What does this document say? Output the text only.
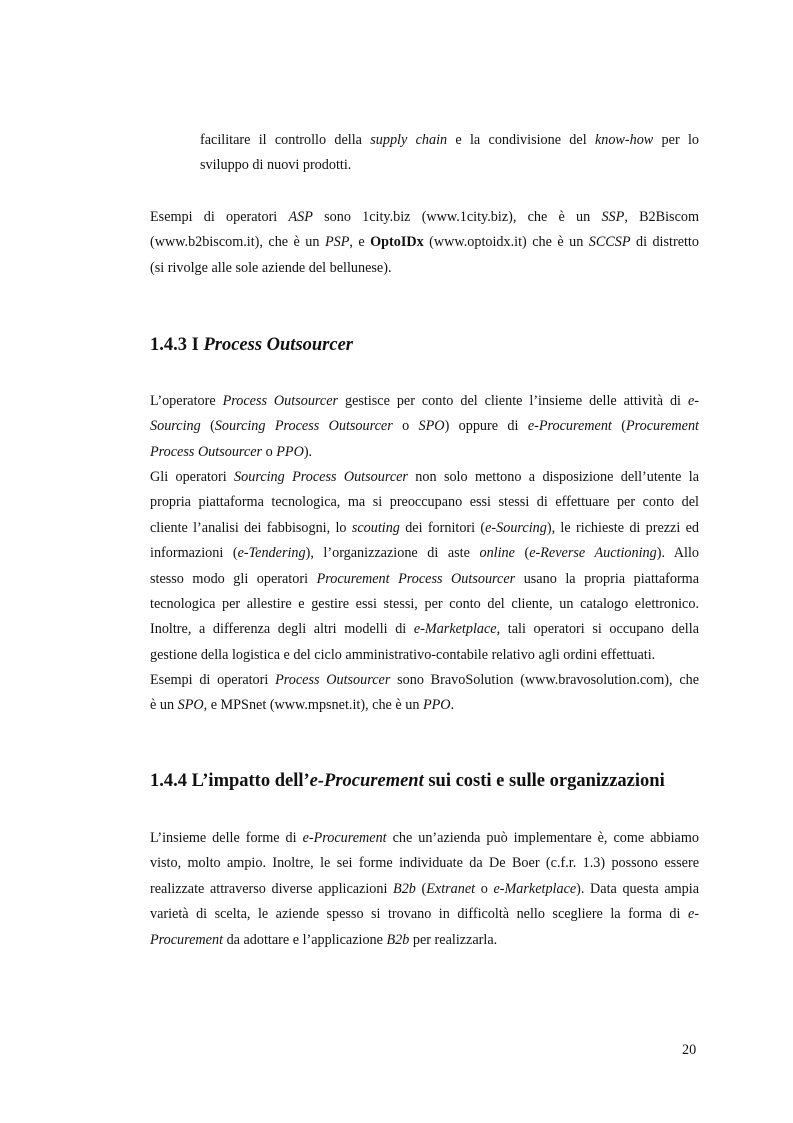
facilitare il controllo della supply chain e la condivisione del know-how per lo
sviluppo di nuovi prodotti.
Esempi di operatori ASP sono 1city.biz (www.1city.biz), che è un SSP, B2Biscom
(www.b2biscom.it), che è un PSP, e OptoIDx (www.optoidx.it) che è un SCCSP di distretto
(si rivolge alle sole aziende del bellunese).
1.4.3 I Process Outsourcer
L’operatore Process Outsourcer gestisce per conto del cliente l’insieme delle attività di e-
Sourcing (Sourcing Process Outsourcer o SPO) oppure di e-Procurement (Procurement
Process Outsourcer o PPO).
Gli operatori Sourcing Process Outsourcer non solo mettono a disposizione dell’utente la
propria piattaforma tecnologica, ma si preoccupano essi stessi di effettuare per conto del
cliente l’analisi dei fabbisogni, lo scouting dei fornitori (e-Sourcing), le richieste di prezzi ed
informazioni (e-Tendering), l’organizzazione di aste online (e-Reverse Auctioning). Allo
stesso modo gli operatori Procurement Process Outsourcer usano la propria piattaforma
tecnologica per allestire e gestire essi stessi, per conto del cliente, un catalogo elettronico.
Inoltre, a differenza degli altri modelli di e-Marketplace, tali operatori si occupano della
gestione della logistica e del ciclo amministrativo-contabile relativo agli ordini effettuati.
Esempi di operatori Process Outsourcer sono BravoSolution (www.bravosolution.com), che
è un SPO, e MPSnet (www.mpsnet.it), che è un PPO.
1.4.4 L’impatto dell’e-Procurement sui costi e sulle organizzazioni
L’insieme delle forme di e-Procurement che un’azienda può implementare è, come abbiamo
visto, molto ampio. Inoltre, le sei forme individuate da De Boer (c.f.r. 1.3) possono essere
realizzate attraverso diverse applicazioni B2b (Extranet o e-Marketplace). Data questa ampia
varietà di scelta, le aziende spesso si trovano in difficoltà nello scegliere la forma di e-
Procurement da adottare e l’applicazione B2b per realizzarla.
20
